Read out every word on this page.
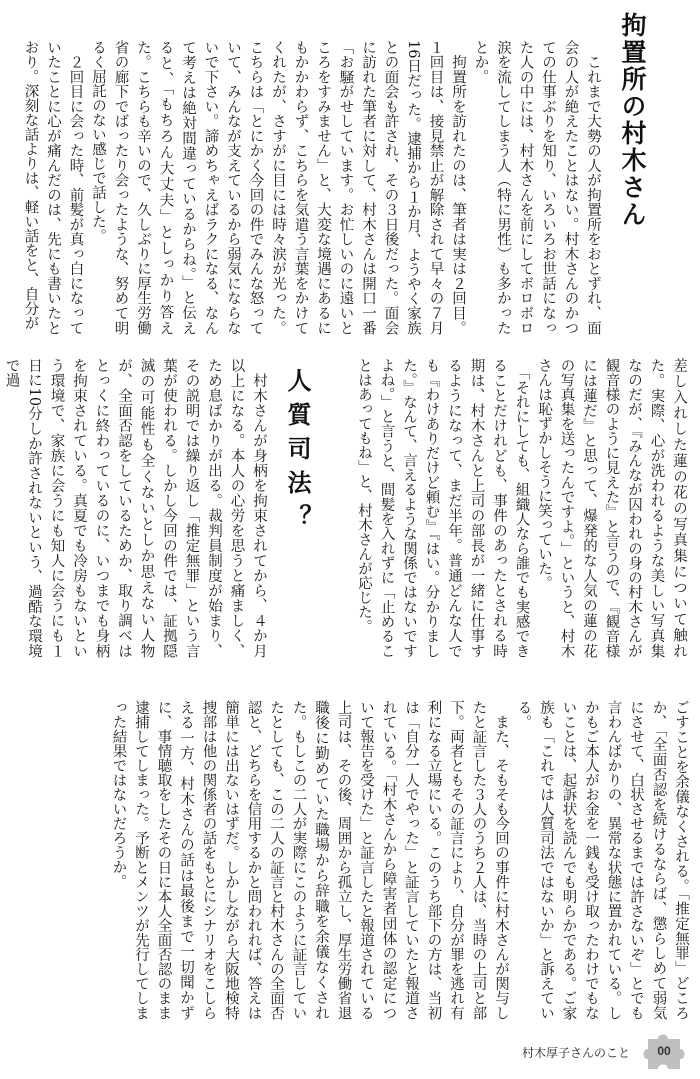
拘置所の村木さん
　これまで大勢の人が拘置所をおとずれ、面会の人が絶えたことはない。村木さんのかつての仕事ぶりを知り、いろいろお世話になった人の中には、村木さんを前にしてボロボロ涙を流してしまう人（特に男性）も多かったとか。
　拘置所を訪れたのは、筆者は実は２回目。１回目は、接見禁止が解除されて早々の７月16日だった。逮捕から１か月、ようやく家族との面会も許され、その３日後だった。面会に訪れた筆者に対して、村木さんは開口一番「お騒がせしています。お忙しいのに遠いところをすみません」と、大変な境遇にあるにもかかわらず、こちらを気遣う言葉をかけてくれたが、さすがに目には時々涙が光った。こちらは「とにかく今回の件でみんな怒っていて、みんなが支えているから弱気にならないで下さい。諦めちゃえばラクになる、なんて考えは絶対間違っているからね。」と伝えると、「もちろん大丈夫」としっかり答えた。こちらも辛いので、久しぶりに厚生労働省の廊下でばったり会ったような、努めて明るく屈託のない感じで話した。
　２回目に会った時、前髪が真っ白になっていたことに心が痛んだのは、先にも書いたとおり。深刻な話よりは、軽い話をと、自分が
差し入れした蓮の花の写真集について触れた。実際、心が洗われるような美しい写真集なのだが、『みんなが囚われの身の村木さんが観音様のように見えた』と言うので、『観音様には蓮だ』と思って、爆発的な人気の蓮の花の写真集を送ったんですよ。」というと、村木さんは恥ずかしそうに笑っていた。
　「それにしても、組織人なら誰でも実感できることだけれども、事件のあったとされる時期は、村木さんと上司の部長が一緒に仕事するようになって、まだ半年。普通どんな人でも『わけありだけど頼む』『はい。分かりました。』なんて、言えるような関係ではないですよね。」と言うと、間髪を入れずに「止めることはあってもね」と、村木さんが応じた。
人質司法？
　村木さんが身柄を拘束されてから、４か月以上になる。本人の心労を思うと痛ましく、ため息ばかりが出る。裁判員制度が始まり、その説明では繰り返し「推定無罪」という言葉が使われる。しかし今回の件では、証拠隠滅の可能性も全くないとしか思えない人物が、全面否認をしているためか、取り調べはとっくに終わっているのに、いつまでも身柄を拘束されている。真夏でも冷房もないという環境で、家族に会うにも知人に会うにも１日に10分しか許されないという、過酷な環境で過
ごすことを余儀なくされる。「推定無罪」どころか、「全面否認を続けるならば、懲らしめて弱気にさせて、白状させるまでは許さないぞ」とでも言わんばかりの、異常な状態に置かれている。しかもご本人がお金を一銭も受け取ったわけでもないことは、起訴状を読んでも明らかである。ご家族も「これでは人質司法ではないか」と訴えている。
　また、そもそも今回の事件に村木さんが関与したと証言した３人のうち２人は、当時の上司と部下。両者ともその証言により、自分が罪を逃れ有利になる立場にいる。このうち部下の方は、当初は「自分一人でやった」と証言していたと報道されている。「村木さんから障害者団体の認定について報告を受けた」と証言したと報道されている上司は、その後、周囲から孤立し、厚生労働省退職後に勤めていた職場から辞職を余儀なくされた。もしこの二人が実際にこのように証言していたとしても、この二人の証言と村木さんの全面否認と、どちらを信用するかと問われれば、答えは簡単には出ないはずだ。しかしながら大阪地検特捜部は他の関係者の話をもとにシナリオをこしらえる一方、村木さんの話は最後まで一切聞かずに、事情聴取をしたその日に本人全面否認のまま逮捕してしまった。予断とメンツが先行してしまった結果ではないだろうか。
村木厚子さんのこと	00
